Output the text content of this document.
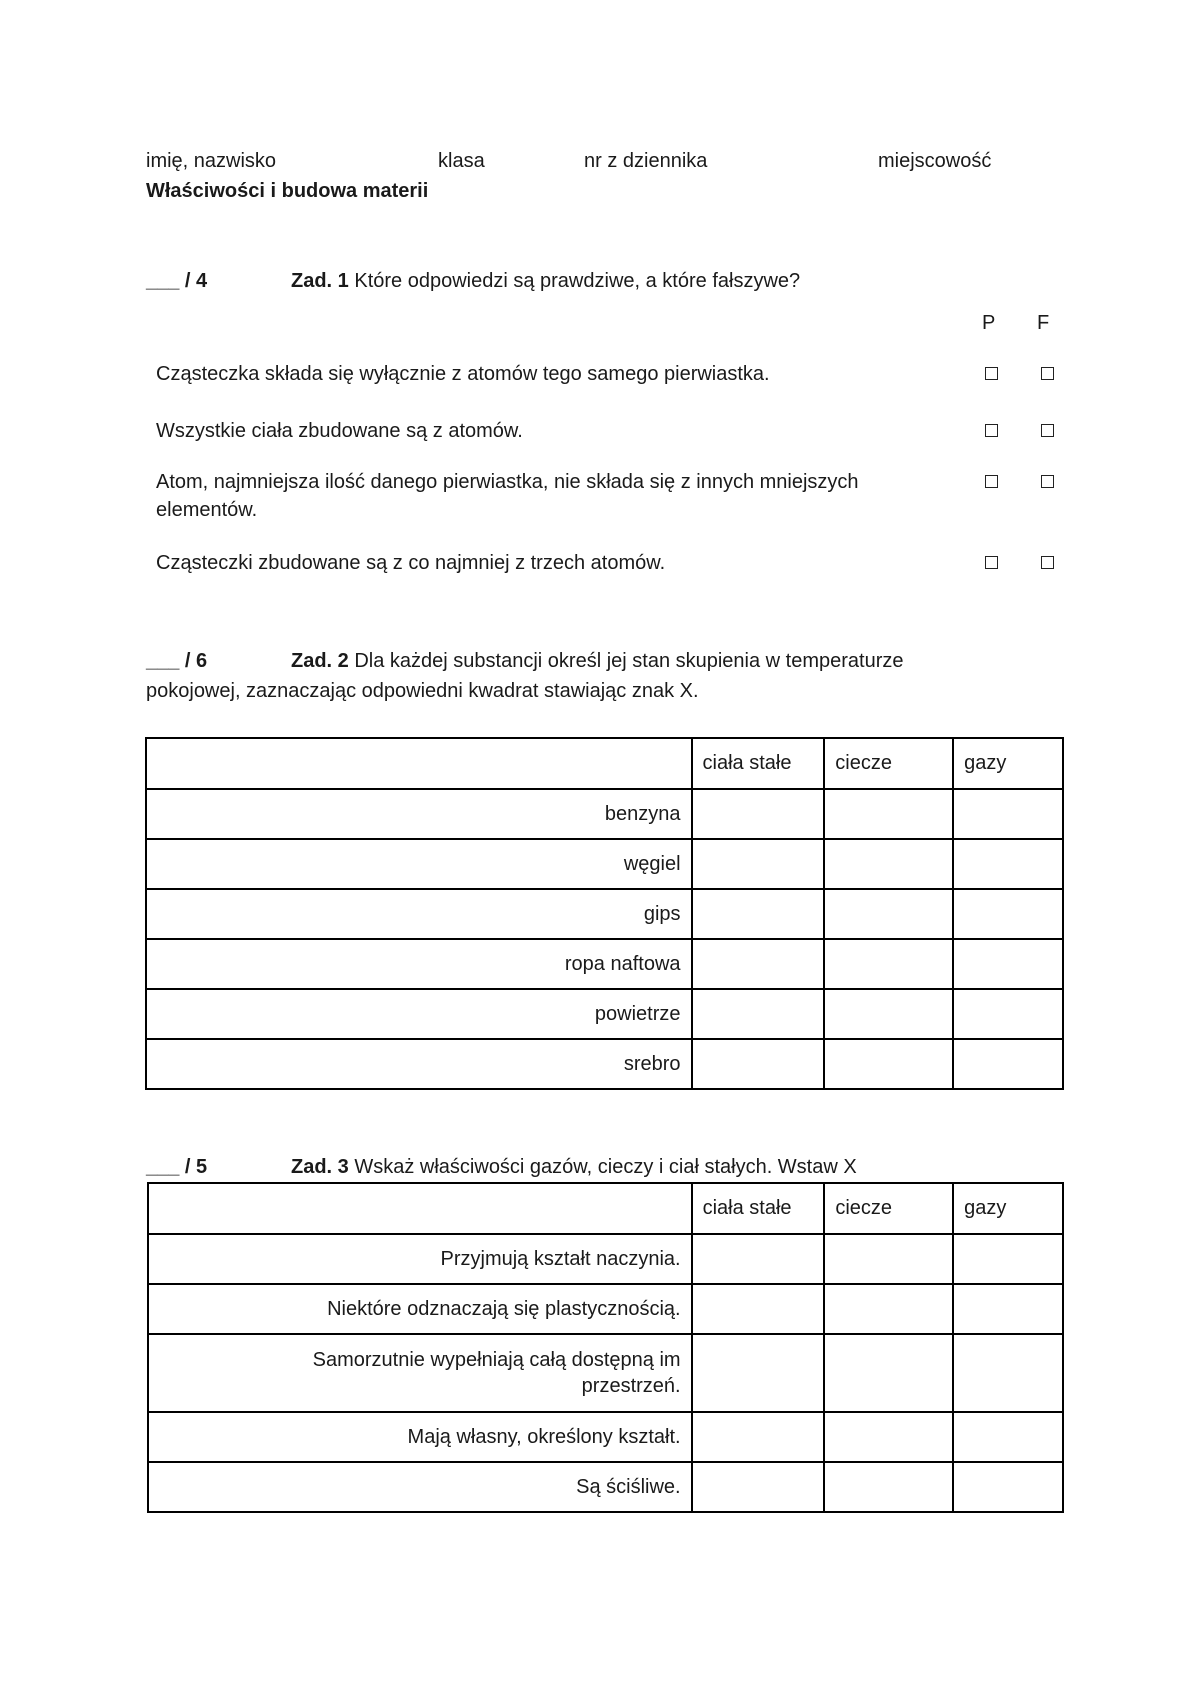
imię, nazwisko	klasa	nr z dziennika	miejscowość
Właściwości i budowa materii
___ / 4	Zad. 1 Które odpowiedzi są prawdziwe, a które fałszywe?
P F
Cząsteczka składa się wyłącznie z atomów tego samego pierwiastka.
Wszystkie ciała zbudowane są z atomów.
Atom, najmniejsza ilość danego pierwiastka, nie składa się z innych mniejszych
elementów.
Cząsteczki zbudowane są z co najmniej z trzech atomów.
___ / 6	Zad. 2 Dla każdej substancji określ jej stan skupienia w temperaturze
pokojowej, zaznaczając odpowiedni kwadrat stawiając znak X.
	ciała stałe	ciecze	gazy
benzyna			
węgiel			
gips			
ropa naftowa			
powietrze			
srebro			
___ / 5	Zad. 3 Wskaż właściwości gazów, cieczy i ciał stałych. Wstaw X
	ciała stałe	ciecze	gazy
Przyjmują kształt naczynia.			
Niektóre odznaczają się plastycznością.			

Samorzutnie wypełniają całą dostępną im
przestrzeń.			

Mają własny, określony kształt.			
Są ściśliwe.			
